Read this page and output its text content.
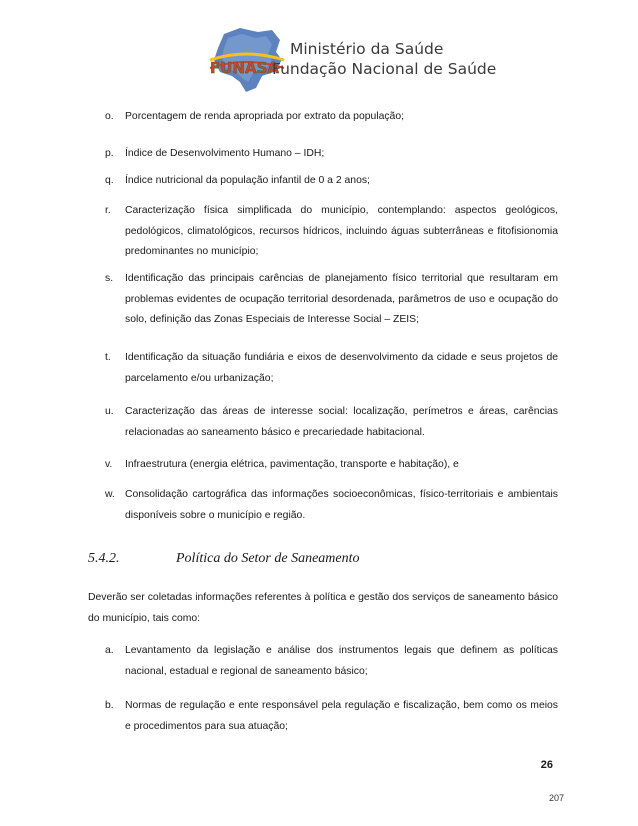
FUNASA
Ministério da Saúde
Fundação Nacional de Saúde
o.	Porcentagem de renda apropriada por extrato da população;
p.	Índice de Desenvolvimento Humano – IDH;
q.	Índice nutricional da população infantil de 0 a 2 anos;
r.	Caracterização física simplificada do município, contemplando: aspectos geológicos, pedológicos, climatológicos, recursos hídricos, incluindo águas subterrâneas e fitofisionomia predominantes no município;
s.	Identificação das principais carências de planejamento físico territorial que resultaram em problemas evidentes de ocupação territorial desordenada, parâmetros de uso e ocupação do solo, definição das Zonas Especiais de Interesse Social – ZEIS;
t.	Identificação da situação fundiária e eixos de desenvolvimento da cidade e seus projetos de parcelamento e/ou urbanização;
u.	Caracterização das áreas de interesse social: localização, perímetros e áreas, carências relacionadas ao saneamento básico e precariedade habitacional.
v.	Infraestrutura (energia elétrica, pavimentação, transporte e habitação), e
w. Consolidação cartográfica das informações socioeconômicas, físico-territoriais e ambientais disponíveis sobre o município e região.
5.4.2.	Política do Setor de Saneamento
Deverão ser coletadas informações referentes à política e gestão dos serviços de saneamento básico do município, tais como:
a.	Levantamento da legislação e análise dos instrumentos legais que definem as políticas nacional, estadual e regional de saneamento básico;
b.	Normas de regulação e ente responsável pela regulação e fiscalização, bem como os meios e procedimentos para sua atuação;
26
207
